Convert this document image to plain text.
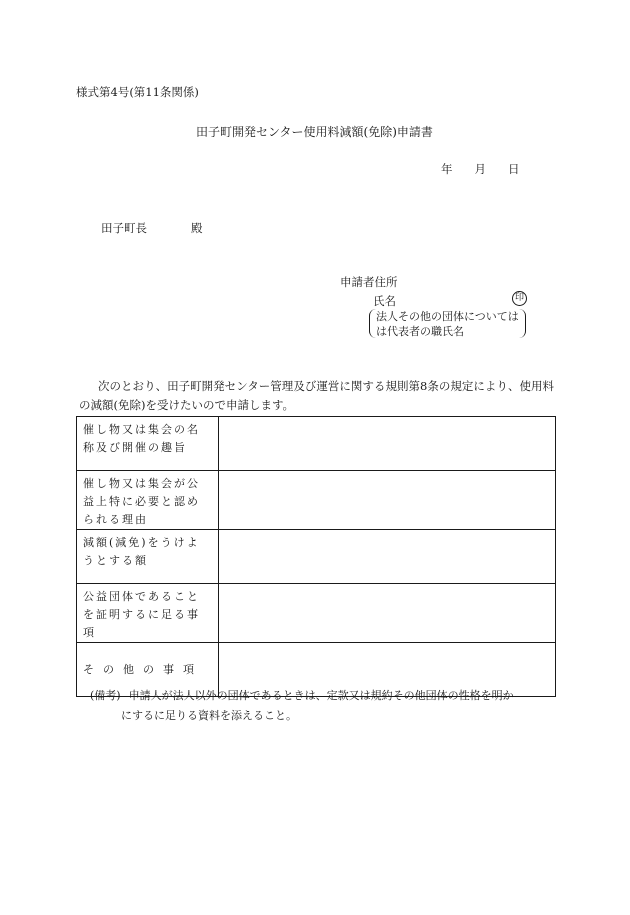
様式第4号(第11条関係)
田子町開発センター使用料減額(免除)申請書
年 月 日
田子町長	殿
申請者住所
氏名	印
法人その他の団体についてはは代表者の職氏名
次のとおり、田子町開発センター管理及び運営に関する規則第8条の規定により、使用料の減額(免除)を受けたいので申請します。
催し物又は集会の名称及び開催の趣旨	
催し物又は集会が公益上特に必要と認められる理由	
減額(減免)をうけようとする額	
公益団体であることを証明するに足る事項	
その他の事項	
(備考) 申請人が法人以外の団体であるときは、定款又は規約その他団体の性格を明か
にするに足りる資料を添えること。
